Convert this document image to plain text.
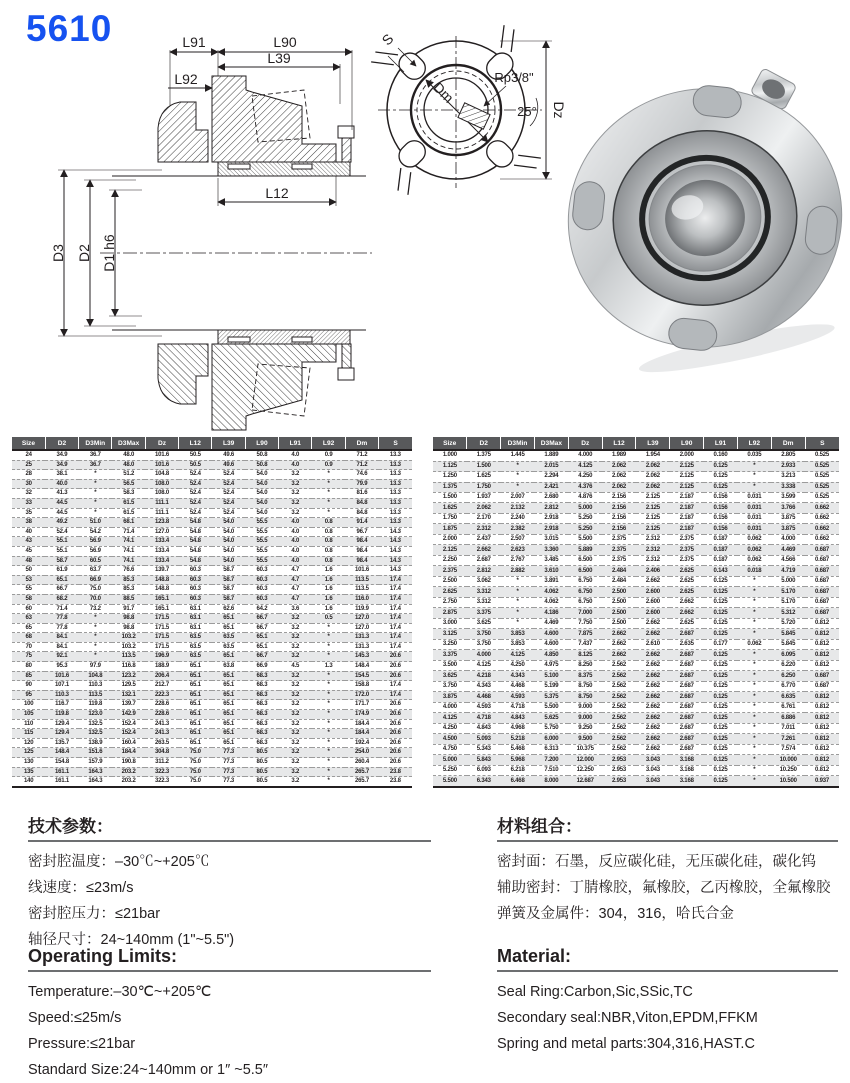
L91	L90
L39
L92
L12
D3 D2 D1 h6
S
Dm
Rp3/8"
25° Dz
5610
Size	D2	D3Min	D3Max	Dz	L12	L39	L90	L91	L92	Dm	S
24	34.9	36.7	48.0	101.6	50.5	49.6	50.8	4.0	0.9	71.2	13.3
25	34.9	36.7	48.0	101.6	50.5	49.6	50.8	4.0	0.9	71.2	13.3
28	38.1	*	51.2	104.8	52.4	52.4	54.0	3.2	*	74.6	13.3
30	40.0	*	56.5	108.0	52.4	52.4	54.0	3.2	*	79.9	13.3
32	41.3	*	58.3	108.0	52.4	52.4	54.0	3.2	*	81.6	13.3
33	44.5	*	61.5	111.1	52.4	52.4	54.0	3.2	*	84.8	13.3
35	44.5	*	61.5	111.1	52.4	52.4	54.0	3.2	*	84.8	13.3
38	49.2	51.0	68.1	123.8	54.8	54.0	55.5	4.0	0.8	91.4	13.3
40	52.4	54.2	71.4	127.0	54.8	54.0	55.5	4.0	0.8	96.7	14.3
43	55.1	56.9	74.1	133.4	54.8	54.0	55.5	4.0	0.8	98.4	14.3
45	55.1	56.9	74.1	133.4	54.8	54.0	55.5	4.0	0.8	98.4	14.3
48	58.7	60.5	74.1	133.4	54.8	54.0	55.5	4.0	0.8	98.4	14.3
50	61.9	63.7	76.6	139.7	60.3	58.7	60.3	4.7	1.6	101.6	14.3
53	65.1	66.9	85.3	148.8	60.3	58.7	60.3	4.7	1.6	113.5	17.4
55	66.7	75.0	85.3	148.8	60.3	58.7	60.3	4.7	1.6	113.5	17.4
58	68.2	70.0	88.5	165.1	60.3	58.7	60.3	4.7	1.6	116.0	17.4
60	71.4	73.2	91.7	165.1	63.1	62.6	64.2	3.6	1.6	119.9	17.4
63	77.8	*	98.8	171.5	63.1	65.1	66.7	3.2	0.5	127.0	17.4
65	77.8	*	98.8	171.5	63.1	65.1	66.7	3.2	*	127.0	17.4
68	84.1	*	103.2	171.5	63.5	63.5	65.1	3.2	*	131.3	17.4
70	84.1	*	103.2	171.5	63.5	63.5	65.1	3.2	*	131.3	17.4
75	92.1	*	113.5	196.9	63.5	65.1	66.7	3.2	*	145.3	20.6
80	95.3	97.9	116.8	188.9	65.1	63.8	66.9	4.5	1.3	148.4	20.6
85	101.6	104.8	123.2	206.4	65.1	65.1	68.3	3.2	*	154.5	20.6
90	107.1	110.3	129.5	212.7	65.1	65.1	68.3	3.2	*	158.8	17.4
95	110.3	113.5	132.1	222.3	65.1	65.1	68.3	3.2	*	172.0	17.4
100	116.7	119.8	139.7	228.6	65.1	65.1	68.3	3.2	*	171.7	20.6
105	119.8	123.0	142.9	228.6	65.1	65.1	68.3	3.2	*	174.9	20.6
110	129.4	132.5	152.4	241.3	65.1	65.1	68.3	3.2	*	184.4	20.6
115	129.4	132.5	152.4	241.3	65.1	65.1	68.3	3.2	*	184.4	20.6
120	135.7	138.9	160.4	263.5	65.1	65.1	68.3	3.2	*	192.4	20.6
125	148.4	151.6	184.4	304.8	75.0	77.3	80.5	3.2	*	254.0	20.6
130	154.8	157.9	190.8	311.2	75.0	77.3	80.5	3.2	*	260.4	20.6
135	161.1	164.3	203.2	322.3	75.0	77.3	80.5	3.2	*	265.7	23.8
140	161.1	164.3	203.2	322.3	75.0	77.3	80.5	3.2	*	265.7	23.8
Size	D2	D3Min	D3Max	Dz	L12	L39	L90	L91	L92	Dm	S
1.000	1.375	1.445	1.889	4.000	1.989	1.954	2.000	0.160	0.035	2.805	0.525
1.125	1.500	*	2.015	4.125	2.062	2.062	2.125	0.125	*	2.933	0.525
1.250	1.625	*	2.294	4.250	2.062	2.062	2.125	0.125	*	3.213	0.525
1.375	1.750	*	2.421	4.376	2.062	2.062	2.125	0.125	*	3.338	0.525
1.500	1.937	2.007	2.680	4.876	2.156	2.125	2.187	0.156	0.031	3.599	0.525
1.625	2.062	2.132	2.812	5.000	2.156	2.125	2.187	0.156	0.031	3.766	0.662
1.750	2.170	2.240	2.918	5.250	2.156	2.125	2.187	0.156	0.031	3.875	0.662
1.875	2.312	2.382	2.918	5.250	2.156	2.125	2.187	0.156	0.031	3.875	0.662
2.000	2.437	2.507	3.015	5.500	2.375	2.312	2.375	0.187	0.062	4.000	0.662
2.125	2.662	2.623	3.360	5.889	2.375	2.312	2.375	0.187	0.062	4.469	0.687
2.250	2.687	2.767	3.485	6.500	2.375	2.312	2.375	0.187	0.062	4.566	0.687
2.375	2.812	2.882	3.610	6.500	2.484	2.406	2.625	0.143	0.018	4.719	0.687
2.500	3.062	*	3.891	6.750	2.484	2.662	2.625	0.125	*	5.000	0.687
2.625	3.312	*	4.062	6.750	2.500	2.600	2.625	0.125	*	5.170	0.687
2.750	3.312	*	4.062	6.750	2.500	2.600	2.662	0.125	*	5.170	0.687
2.875	3.375	*	4.186	7.000	2.500	2.600	2.662	0.125	*	5.312	0.687
3.000	3.625	*	4.469	7.750	2.500	2.662	2.625	0.125	*	5.720	0.812
3.125	3.750	3.853	4.600	7.875	2.662	2.662	2.687	0.125	*	5.845	0.812
3.250	3.750	3.853	4.600	7.437	2.662	2.610	2.635	0.177	0.062	5.845	0.812
3.375	4.000	4.125	4.850	8.125	2.662	2.662	2.687	0.125	*	6.095	0.812
3.500	4.125	4.250	4.975	8.250	2.562	2.662	2.687	0.125	*	6.220	0.812
3.625	4.218	4.343	5.100	8.375	2.562	2.662	2.687	0.125	*	6.250	0.687
3.750	4.343	4.468	5.199	8.750	2.562	2.662	2.687	0.125	*	6.770	0.687
3.875	4.468	4.593	5.375	8.750	2.562	2.662	2.687	0.125	*	6.635	0.812
4.000	4.593	4.718	5.500	9.000	2.562	2.662	2.687	0.125	*	6.761	0.812
4.125	4.718	4.843	5.625	9.000	2.562	2.662	2.687	0.125	*	6.886	0.812
4.250	4.843	4.968	5.750	9.250	2.562	2.662	2.687	0.125	*	7.011	0.812
4.500	5.093	5.218	6.000	9.500	2.562	2.662	2.687	0.125	*	7.261	0.812
4.750	5.343	5.468	6.313	10.375	2.562	2.662	2.687	0.125	*	7.574	0.812
5.000	5.843	5.968	7.200	12.000	2.953	3.043	3.168	0.125	*	10.000	0.812
5.250	6.093	6.218	7.510	12.250	2.953	3.043	3.168	0.125	*	10.250	0.812
5.500	6.343	6.468	8.000	12.687	2.953	3.043	3.168	0.125	*	10.500	0.937
技术参数：
密封腔温度：–30℃~+205℃
线速度：≤23m/s
密封腔压力：≤21bar
轴径尺寸：24~140mm (1"~5.5")
材料组合：
密封面：石墨，反应碳化硅，无压碳化硅，碳化钨
辅助密封：丁腈橡胶，氟橡胶，乙丙橡胶，全氟橡胶
弹簧及金属件：304，316，哈氏合金
Operating Limits:
Temperature:–30℃~+205℃
Speed:≤25m/s
Pressure:≤21bar
Standard Size:24~140mm or 1″ ~5.5″
Material:
Seal Ring:Carbon,Sic,SSic,TC
Secondary seal:NBR,Viton,EPDM,FFKM
Spring and metal parts:304,316,HAST.C
